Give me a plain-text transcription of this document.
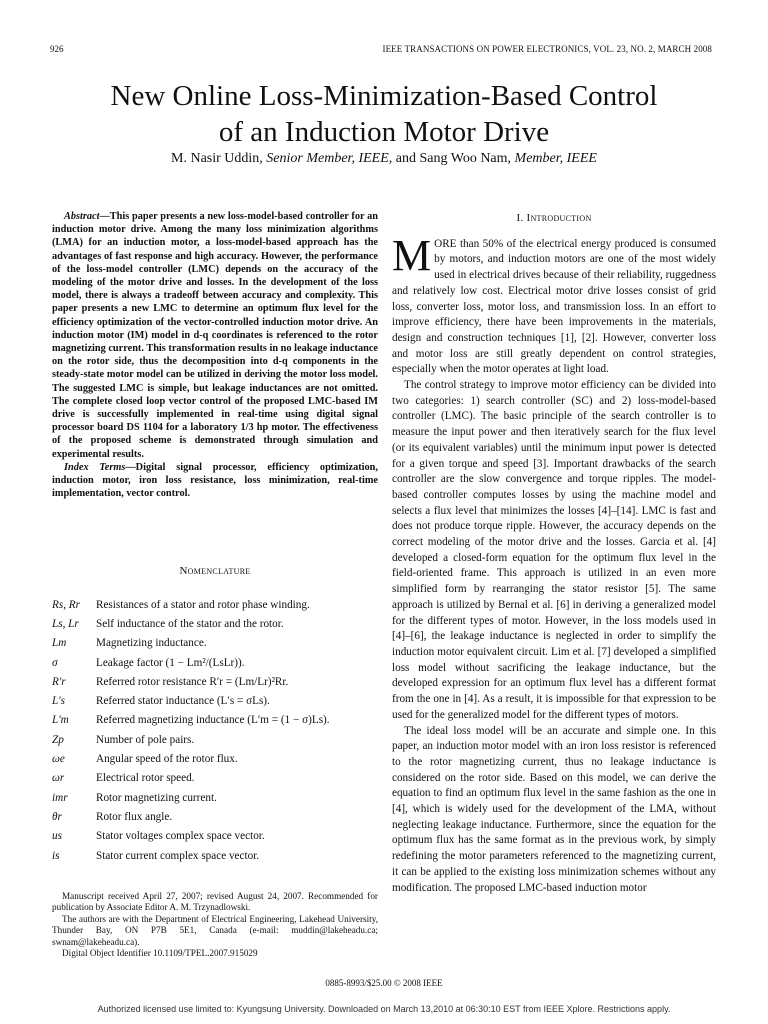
926	IEEE TRANSACTIONS ON POWER ELECTRONICS, VOL. 23, NO. 2, MARCH 2008
New Online Loss-Minimization-Based Control
of an Induction Motor Drive
M. Nasir Uddin, Senior Member, IEEE, and Sang Woo Nam, Member, IEEE

Abstract—This paper presents a new loss-model-based controller for an induction motor drive. Among the many loss minimization algorithms (LMA) for an induction motor, a loss-model-based approach has the advantages of fast response and high accuracy. However, the performance of the loss-model controller (LMC) depends on the accuracy of the modeling of the motor drive and losses. In the development of the loss model, there is always a tradeoff between accuracy and complexity. This paper presents a new LMC to determine an optimum flux level for the efficiency optimization of the vector-controlled induction motor drive. An induction motor (IM) model in d-q coordinates is referenced to the rotor magnetizing current. This transformation results in no leakage inductance on the rotor side, thus the decomposition into d-q components in the steady-state motor model can be utilized in deriving the motor loss model. The suggested LMC is simple, but leakage inductances are not omitted. The complete closed loop vector control of the proposed LMC-based IM drive is successfully implemented in real-time using digital signal processor board DS 1104 for a laboratory 1/3 hp motor. The effectiveness of the proposed scheme is demonstrated through simulation and experimental results.

Index Terms—Digital signal processor, efficiency optimization, induction motor, iron loss resistance, loss minimization, real-time implementation, vector control.

Nomenclature
Rs, Rr	Resistances of a stator and rotor phase winding.
Ls, Lr	Self inductance of the stator and the rotor.
Lm	Magnetizing inductance.
σ	Leakage factor (1 − Lm²/(LsLr)).
R′r	Referred rotor resistance R′r = (Lm/Lr)²Rr.
L′s	Referred stator inductance (L′s = σLs).
L′m	Referred magnetizing inductance (L′m = (1 − σ)Ls).
Zp	Number of pole pairs.
ωe	Angular speed of the rotor flux.
ωr	Electrical rotor speed.
imr	Rotor magnetizing current.
θr	Rotor flux angle.
us	Stator voltages complex space vector.
is	Stator current complex space vector.

Manuscript received April 27, 2007; revised August 24, 2007. Recommended for publication by Associate Editor A. M. Trzynadlowski.

The authors are with the Department of Electrical Engineering, Lakehead University, Thunder Bay, ON P7B 5E1, Canada (e-mail: muddin@lakeheadu.ca; swnam@lakeheadu.ca).

Digital Object Identifier 10.1109/TPEL.2007.915029

I. Introduction

MORE than 50% of the electrical energy produced is consumed by motors, and induction motors are one of the most widely used in electrical drives because of their reliability, ruggedness and relatively low cost. Electrical motor drive losses consist of grid loss, converter loss, motor loss, and transmission loss. In an effort to improve efficiency, there have been improvements in the materials, design and construction techniques [1], [2]. However, converter loss and motor loss are still greatly dependent on control strategies, especially when the motor operates at light load.

The control strategy to improve motor efficiency can be divided into two categories: 1) search controller (SC) and 2) loss-model-based controller (LMC). The basic principle of the search controller is to measure the input power and then iteratively search for the flux level (or its equivalent variables) until the minimum input power is detected for a given torque and speed [3]. Important drawbacks of the search controller are the slow convergence and torque ripples. The model-based controller computes losses by using the machine model and selects a flux level that minimizes the losses [4]–[14]. LMC is fast and does not produce torque ripple. However, the accuracy depends on the correct modeling of the motor drive and the losses. Garcia et al. [4] developed a closed-form equation for the optimum flux level in the field-oriented frame. This approach is utilized in an even more simplified form by rearranging the stator resistor [5]. The same approach is utilized by Bernal et al. [6] in deriving a generalized model for the different types of motor. However, in the loss models used in [4]–[6], the leakage inductance is neglected in order to simplify the induction motor equivalent circuit. Lim et al. [7] developed a simplified loss model without sacrificing the leakage inductance, but the developed expression for an optimum flux level has a different format from the one in [4]. As a result, it is impossible for that expression to be used for the generalized model for the different types of motors.

The ideal loss model will be an accurate and simple one. In this paper, an induction motor model with an iron loss resistor is referenced to the rotor magnetizing current, thus no leakage inductance is considered on the rotor side. Based on this model, we can derive the equation to find an optimum flux level in the same fashion as the one in [4], which is widely used for the development of the LMA, without neglecting leakage inductance. Furthermore, since the equation for the optimum flux has the same format as in the previous work, by simply redefining the motor parameters referenced to the magnetizing current, it can be applied to the existing loss minimization schemes without any modification. The proposed LMC-based induction motor

0885-8993/$25.00 © 2008 IEEE
Authorized licensed use limited to: Kyungsung University. Downloaded on March 13,2010 at 06:30:10 EST from IEEE Xplore. Restrictions apply.
